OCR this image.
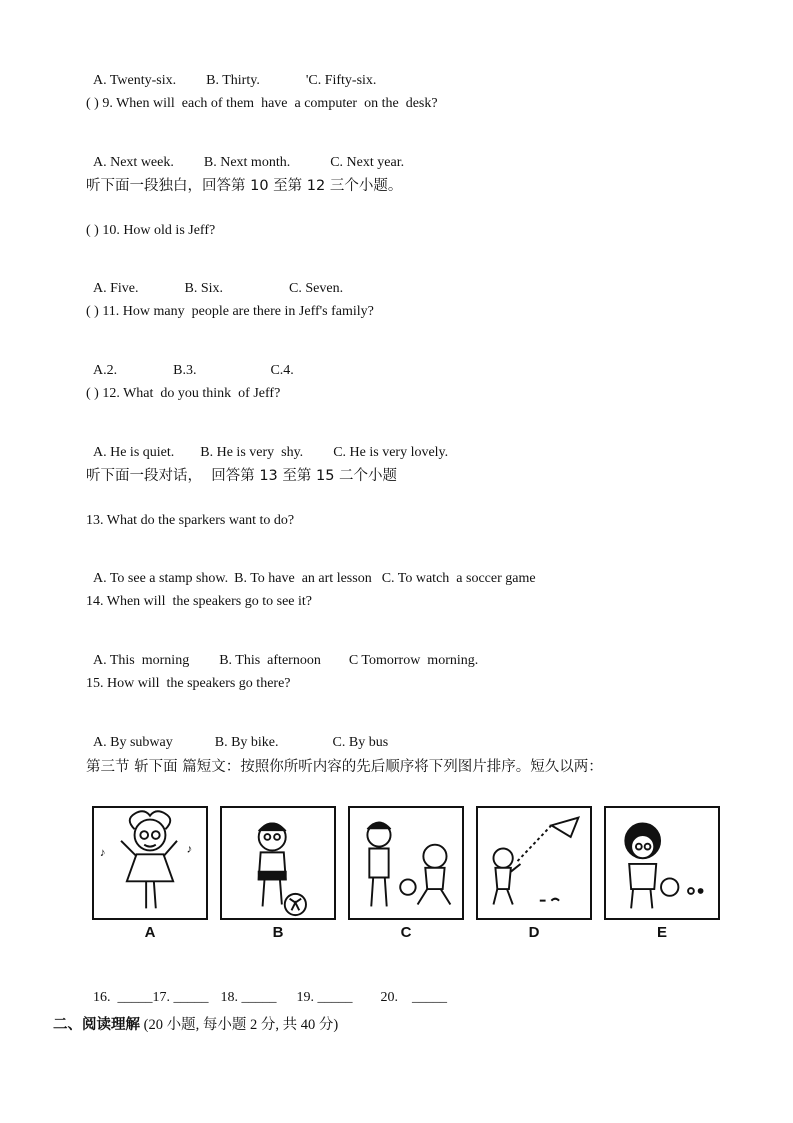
A. Twenty-six. B. Thirty.	'C. Fifty-six.

( ) 9. When will  each of them  have  a computer  on the  desk?

A. Next week. B. Next month.	C. Next year.

听下面一段独白，回答第 10 至第 12 三个小题。
( ) 10. How old is Jeff?

A. Five.	B. Six.	C. Seven.

( ) 11. How many  people are there in Jeff's family?

A.2.	B.3.	C.4.

( ) 12. What  do you think  of Jeff?

A. He is quiet. B. He is very  shy. C. He is very lovely.

听下面一段对话，  回答第 13 至第 15 二个小题
13. What do the sparkers want to do?

A. To see a stamp show. B. To have  an art lesson C. To watch  a soccer game

14. When will  the speakers go to see it?

A. This  morning B. This  afternoon C Tomorrow  morning.

15. How will  the speakers go there?

A. By subway	B. By bike.	C. By bus

第三节 斩下面 篇短文：按照你所听内容的先后顺序将下列图片排序。短久以两：
♪	♪
A	B	C	D	E

16.  _____17. _____ 18. _____ 19. _____ 20. _____

二、阅读理解 (20 小题, 每小题 2 分, 共 40 分)
